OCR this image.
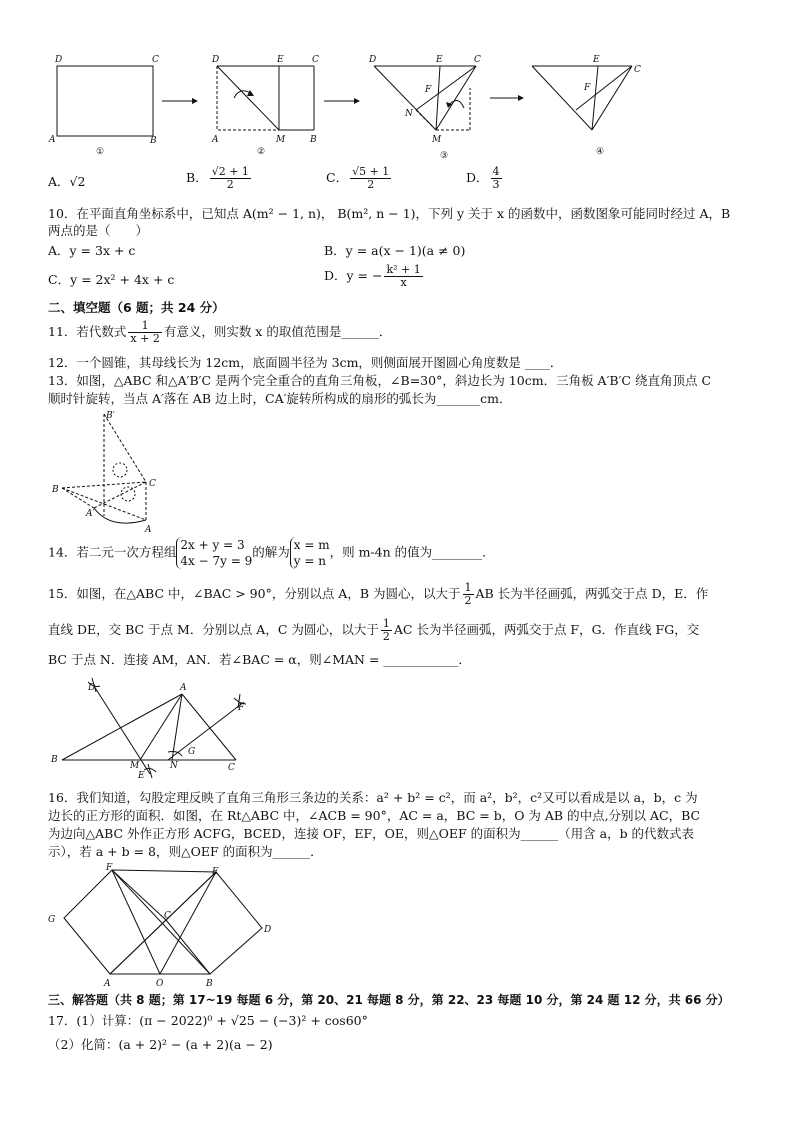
D	C
A	B
①
D	E	C
A	M	B
②
D	E	C
F
N
M
③
E
C
F
④
A．√2	B． $\frac{√2 + 1}{2}$	C． $\frac{√5 + 1}{2}$	D． $\frac{4}{3}$
10．在平面直角坐标系中，已知点 A(m² − 1, n)， B(m², n − 1)，下列 y 关于 x 的函数中，函数图象可能同时经过 A，B
两点的是（　　）
A．y = 3x + c	B．y = a(x − 1)(a ≠ 0)
C．y = 2x² + 4x + c	D．y = − $\frac{\text{k² + 1}}{x}$
二、填空题（6 题；共 24 分）
11．若代数式 $\frac{1}{x + 2}$ 有意义，则实数 x 的取值范围是______．
12．一个圆锥，其母线长为 12cm，底面圆半径为 3cm，则侧面展开图圆心角度数是 ____．
13．如图，△ABC 和△A′B′C 是两个完全重合的直角三角板，∠B=30°，斜边长为 10cm．三角板 A′B′C 绕直角顶点 C
顺时针旋转，当点 A′落在 AB 边上时，CA′旋转所构成的扇形的弧长为_______cm．
B′
B
C
A′
A
14．若二元一次方程组 2x + y = 3
4x − 7y = 9
的解为 x = m
y = n
，则 m-4n 的值为________．
15．如图，在△ABC 中，∠BAC > 90°，分别以点 A，B 为圆心，以大于 $\frac{1}{2}$ AB 长为半径画弧，两弧交于点 D，E．作
直线 DE，交 BC 于点 M．分别以点 A，C 为圆心，以大于 $\frac{1}{2}$ AC 长为半径画弧，两弧交于点 F，G．作直线 FG，交
BC 于点 N．连接 AM，AN．若∠BAC = α，则∠MAN = ____________．
D	A
F
G
B
M	N	C
E
16．我们知道，勾股定理反映了直角三角形三条边的关系：a² + b² = c²，而 a²，b²，c²又可以看成是以 a，b，c 为
边长的正方形的面积．如图，在 Rt△ABC 中，∠ACB = 90°，AC = a，BC = b，O 为 AB 的中点,分别以 AC，BC
为边向△ABC 外作正方形 ACFG，BCED，连接 OF，EF，OE，则△OEF 的面积为______（用含 a，b 的代数式表
示），若 a + b = 8，则△OEF 的面积为______．
F	E
G	C
D
A	O	B
三、解答题（共 8 题；第 17~19 每题 6 分，第 20、21 每题 8 分，第 22、23 每题 10 分，第 24 题 12 分，共 66 分）
17．(1）计算：(π − 2022)⁰ + √25 − (−3)² + cos60°
（2）化简：(a + 2)² − (a + 2)(a − 2)
